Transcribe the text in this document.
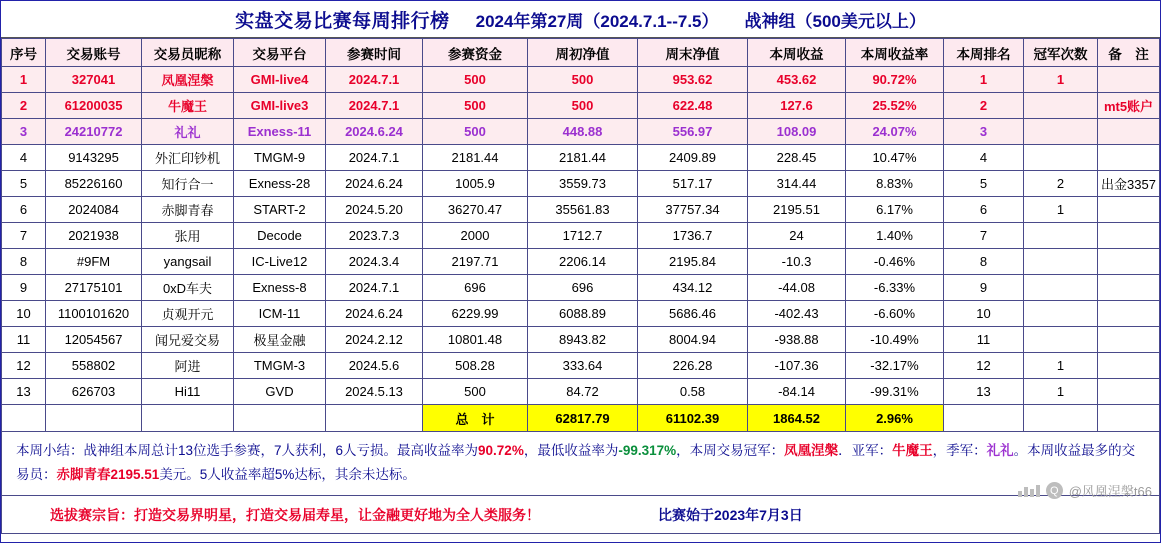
实盘交易比赛每周排行榜 2024年第27周（2024.7.1--7.5） 战神组（500美元以上）
序号	交易账号	交易员昵称	交易平台	参赛时间	参赛资金	周初净值	周末净值	本周收益	本周收益率	本周排名	冠军次数	备　注
1	327041	凤凰涅槃	GMI-live4	2024.7.1	500	500	953.62	453.62	90.72%	1	1	
2	61200035	牛魔王	GMI-live3	2024.7.1	500	500	622.48	127.6	25.52%	2		mt5账户
3	24210772	礼礼	Exness-11	2024.6.24	500	448.88	556.97	108.09	24.07%	3		
4	9143295	外汇印钞机	TMGM-9	2024.7.1	2181.44	2181.44	2409.89	228.45	10.47%	4		
5	85226160	知行合一	Exness-28	2024.6.24	1005.9	3559.73	517.17	314.44	8.83%	5	2	出金3357
6	2024084	赤脚青春	START-2	2024.5.20	36270.47	35561.83	37757.34	2195.51	6.17%	6	1	
7	2021938	张用	Decode	2023.7.3	2000	1712.7	1736.7	24	1.40%	7		
8	#9FM	yangsail	IC-Live12	2024.3.4	2197.71	2206.14	2195.84	-10.3	-0.46%	8		
9	27175101	0xD车夫	Exness-8	2024.7.1	696	696	434.12	-44.08	-6.33%	9		
10	1100101620	贞观开元	ICM-11	2024.6.24	6229.99	6088.89	5686.46	-402.43	-6.60%	10		
11	12054567	闻兄爱交易	极星金融	2024.2.12	10801.48	8943.82	8004.94	-938.88	-10.49%	11		
12	558802	阿进	TMGM-3	2024.5.6	508.28	333.64	226.28	-107.36	-32.17%	12	1	
13	626703	Hi11	GVD	2024.5.13	500	84.72	0.58	-84.14	-99.31%	13	1	
					总　计	62817.79	61102.39	1864.52	2.96%			
本周小结：战神组本周总计13位选手参赛，7人获利，6人亏损。最高收益率为90.72%，最低收益率为-99.317%，本周交易冠军：凤凰涅槃．亚军：牛魔王，季军：礼礼。本周收益最多的交易员：赤脚青春2195.51美元。5人收益率超5%达标，其余未达标。
Q @风凰涅槃t66
选拔赛宗旨：打造交易界明星，打造交易届寿星，让金融更好地为全人类服务！	比赛始于2023年7月3日
